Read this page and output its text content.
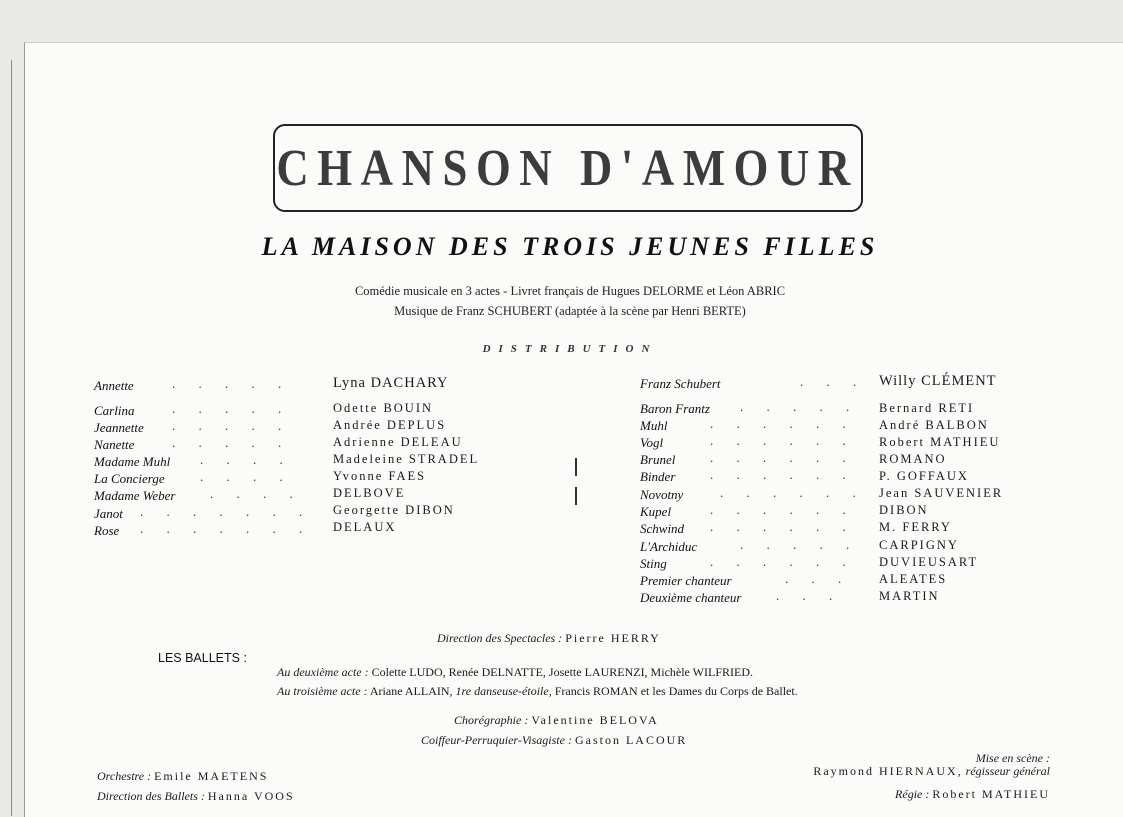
CHANSON D'AMOUR
LA MAISON DES TROIS JEUNES FILLES
Comédie musicale en 3 actes - Livret français de Hugues DELORME et Léon ABRIC
Musique de Franz SCHUBERT (adaptée à la scène par Henri BERTE)
DISTRIBUTION
Annette	. . . . .	Lyna DACHARY
Carlina	. . . . .	Odette BOUIN
Jeannette . . . . .	Andrée DEPLUS
Nanette	. . . . .	Adrienne DELEAU
Madame Muhl . . . .	Madeleine STRADEL
La Concierge	. . . .	Yvonne FAES
Madame Weber	. . . . DELBOVE
Janot . . . . . . . Georgette DIBON
Rose . . . . . . . DELAUX
Franz Schubert	. . . Willy CLÉMENT
Baron Frantz . . . . . Bernard RETI
Muhl	. . . . . . André BALBON
Vogl	. . . . . . Robert MATHIEU
Brunel	. . . . . . ROMANO
Binder	. . . . . . P. GOFFAUX
Novotny	. . . . . . Jean SAUVENIER
Kupel	. . . . . . DIBON
Schwind . . . . . . M. FERRY
L'Archiduc	. . . . . CARPIGNY
Sting	. . . . . . DUVIEUSART
Premier chanteur	. . . ALEATES
Deuxième chanteur	. . .	MARTIN
Direction des Spectacles : Pierre HERRY
LES BALLETS :
Au deuxième acte : Colette LUDO, Renée DELNATTE, Josette LAURENZI, Michèle WILFRIED.
Au troisième acte : Ariane ALLAIN, 1re danseuse-étoile, Francis ROMAN et les Dames du Corps de Ballet.
Chorégraphie : Valentine BELOVA
Coiffeur-Perruquier-Visagiste : Gaston LACOUR
Orchestre : Emile MAETENS
Direction des Ballets : Hanna VOOS
Mise en scène :
Raymond HIERNAUX, régisseur général
Régie : Robert MATHIEU
